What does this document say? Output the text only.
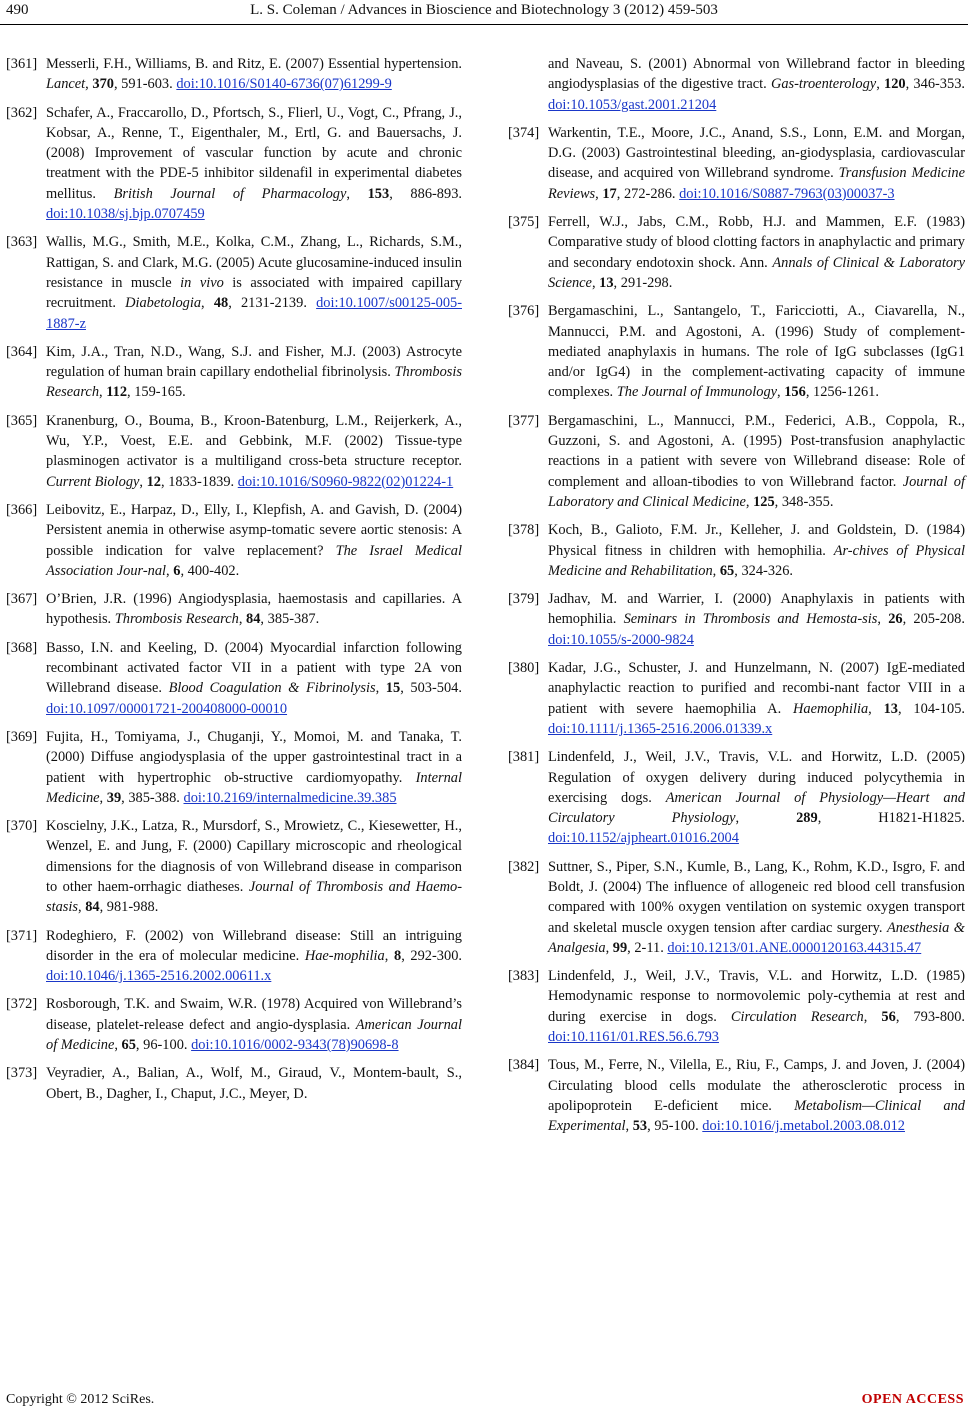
490	L. S. Coleman / Advances in Bioscience and Biotechnology 3 (2012) 459-503
[361] Messerli, F.H., Williams, B. and Ritz, E. (2007) Essential hypertension. Lancet, 370, 591-603. doi:10.1016/S0140-6736(07)61299-9
[362] Schafer, A., Fraccarollo, D., Pfortsch, S., Flierl, U., Vogt, C., Pfrang, J., Kobsar, A., Renne, T., Eigenthaler, M., Ertl, G. and Bauersachs, J. (2008) Improvement of vascular function by acute and chronic treatment with the PDE-5 inhibitor sildenafil in experimental diabetes mellitus. British Journal of Pharmacology, 153, 886-893. doi:10.1038/sj.bjp.0707459
[363] Wallis, M.G., Smith, M.E., Kolka, C.M., Zhang, L., Richards, S.M., Rattigan, S. and Clark, M.G. (2005) Acute glucosamine-induced insulin resistance in muscle in vivo is associated with impaired capillary recruitment. Diabetologia, 48, 2131-2139. doi:10.1007/s00125-005-1887-z
[364] Kim, J.A., Tran, N.D., Wang, S.J. and Fisher, M.J. (2003) Astrocyte regulation of human brain capillary endothelial fibrinolysis. Thrombosis Research, 112, 159-165.
[365] Kranenburg, O., Bouma, B., Kroon-Batenburg, L.M., Reijerkerk, A., Wu, Y.P., Voest, E.E. and Gebbink, M.F. (2002) Tissue-type plasminogen activator is a multiligand cross-beta structure receptor. Current Biology, 12, 1833-1839. doi:10.1016/S0960-9822(02)01224-1
[366] Leibovitz, E., Harpaz, D., Elly, I., Klepfish, A. and Gavish, D. (2004) Persistent anemia in otherwise asymp-tomatic severe aortic stenosis: A possible indication for valve replacement? The Israel Medical Association Jour-nal, 6, 400-402.
[367] O’Brien, J.R. (1996) Angiodysplasia, haemostasis and capillaries. A hypothesis. Thrombosis Research, 84, 385-387.
[368] Basso, I.N. and Keeling, D. (2004) Myocardial infarction following recombinant activated factor VII in a patient with type 2A von Willebrand disease. Blood Coagulation & Fibrinolysis, 15, 503-504. doi:10.1097/00001721-200408000-00010
[369] Fujita, H., Tomiyama, J., Chuganji, Y., Momoi, M. and Tanaka, T. (2000) Diffuse angiodysplasia of the upper gastrointestinal tract in a patient with hypertrophic ob-structive cardiomyopathy. Internal Medicine, 39, 385-388. doi:10.2169/internalmedicine.39.385
[370] Koscielny, J.K., Latza, R., Mursdorf, S., Mrowietz, C., Kiesewetter, H., Wenzel, E. and Jung, F. (2000) Capillary microscopic and rheological dimensions for the diagnosis of von Willebrand disease in comparison to other haem-orrhagic diatheses. Journal of Thrombosis and Haemo-stasis, 84, 981-988.
[371] Rodeghiero, F. (2002) von Willebrand disease: Still an intriguing disorder in the era of molecular medicine. Hae-mophilia, 8, 292-300. doi:10.1046/j.1365-2516.2002.00611.x
[372] Rosborough, T.K. and Swaim, W.R. (1978) Acquired von Willebrand’s disease, platelet-release defect and angio-dysplasia. American Journal of Medicine, 65, 96-100. doi:10.1016/0002-9343(78)90698-8
[373] Veyradier, A., Balian, A., Wolf, M., Giraud, V., Montem-bault, S., Obert, B., Dagher, I., Chaput, J.C., Meyer, D.
and Naveau, S. (2001) Abnormal von Willebrand factor in bleeding angiodysplasias of the digestive tract. Gas-troenterology, 120, 346-353. doi:10.1053/gast.2001.21204
[374] Warkentin, T.E., Moore, J.C., Anand, S.S., Lonn, E.M. and Morgan, D.G. (2003) Gastrointestinal bleeding, an-giodysplasia, cardiovascular disease, and acquired von Willebrand syndrome. Transfusion Medicine Reviews, 17, 272-286. doi:10.1016/S0887-7963(03)00037-3
[375] Ferrell, W.J., Jabs, C.M., Robb, H.J. and Mammen, E.F. (1983) Comparative study of blood clotting factors in anaphylactic and primary and secondary endotoxin shock. Ann. Annals of Clinical & Laboratory Science, 13, 291-298.
[376] Bergamaschini, L., Santangelo, T., Faricciotti, A., Ciavarella, N., Mannucci, P.M. and Agostoni, A. (1996) Study of complement-mediated anaphylaxis in humans. The role of IgG subclasses (IgG1 and/or IgG4) in the complement-activating capacity of immune complexes. The Journal of Immunology, 156, 1256-1261.
[377] Bergamaschini, L., Mannucci, P.M., Federici, A.B., Coppola, R., Guzzoni, S. and Agostoni, A. (1995) Post-transfusion anaphylactic reactions in a patient with severe von Willebrand disease: Role of complement and alloan-tibodies to von Willebrand factor. Journal of Laboratory and Clinical Medicine, 125, 348-355.
[378] Koch, B., Galioto, F.M. Jr., Kelleher, J. and Goldstein, D. (1984) Physical fitness in children with hemophilia. Ar-chives of Physical Medicine and Rehabilitation, 65, 324-326.
[379] Jadhav, M. and Warrier, I. (2000) Anaphylaxis in patients with hemophilia. Seminars in Thrombosis and Hemosta-sis, 26, 205-208. doi:10.1055/s-2000-9824
[380] Kadar, J.G., Schuster, J. and Hunzelmann, N. (2007) IgE-mediated anaphylactic reaction to purified and recombi-nant factor VIII in a patient with severe haemophilia A. Haemophilia, 13, 104-105. doi:10.1111/j.1365-2516.2006.01339.x
[381] Lindenfeld, J., Weil, J.V., Travis, V.L. and Horwitz, L.D. (2005) Regulation of oxygen delivery during induced polycythemia in exercising dogs. American Journal of Physiology—Heart and Circulatory Physiology, 289, H1821-H1825. doi:10.1152/ajpheart.01016.2004
[382] Suttner, S., Piper, S.N., Kumle, B., Lang, K., Rohm, K.D., Isgro, F. and Boldt, J. (2004) The influence of allogeneic red blood cell transfusion compared with 100% oxygen ventilation on systemic oxygen transport and skeletal muscle oxygen tension after cardiac surgery. Anesthesia & Analgesia, 99, 2-11. doi:10.1213/01.ANE.0000120163.44315.47
[383] Lindenfeld, J., Weil, J.V., Travis, V.L. and Horwitz, L.D. (1985) Hemodynamic response to normovolemic poly-cythemia at rest and during exercise in dogs. Circulation Research, 56, 793-800. doi:10.1161/01.RES.56.6.793
[384] Tous, M., Ferre, N., Vilella, E., Riu, F., Camps, J. and Joven, J. (2004) Circulating blood cells modulate the atherosclerotic process in apolipoprotein E-deficient mice. Metabolism—Clinical and Experimental, 53, 95-100. doi:10.1016/j.metabol.2003.08.012
Copyright © 2012 SciRes.	OPEN ACCESS
